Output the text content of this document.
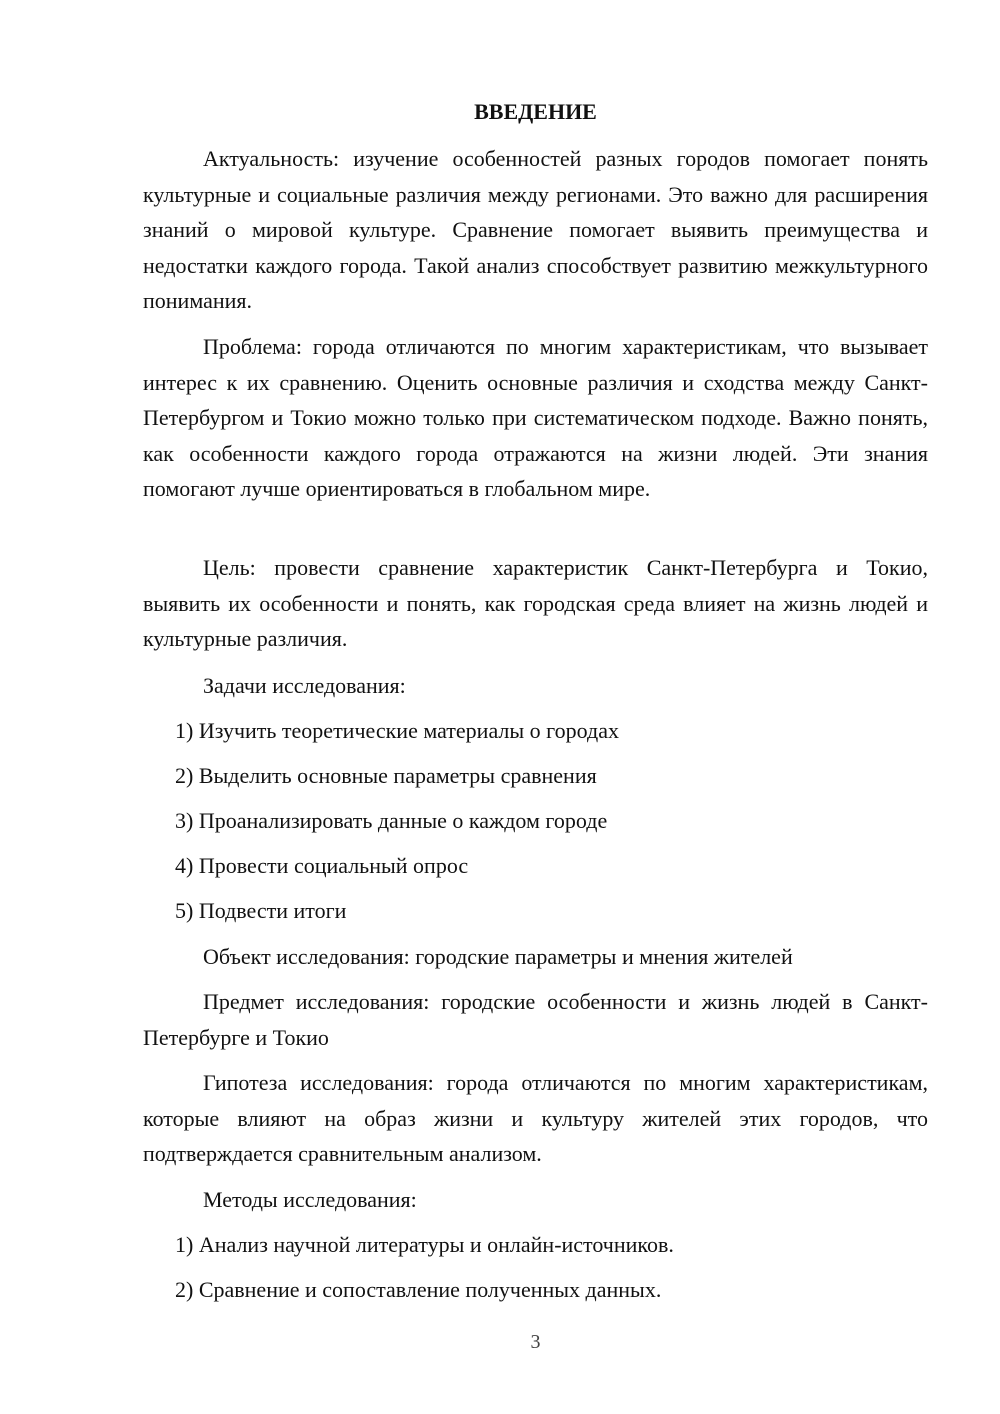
ВВЕДЕНИЕ

Актуальность: изучение особенностей разных городов помогает понять культурные и социальные различия между регионами. Это важно для расширения знаний о мировой культуре. Сравнение помогает выявить преимущества и недостатки каждого города. Такой анализ способствует развитию межкультурного понимания.

Проблема: города отличаются по многим характеристикам, что вызывает интерес к их сравнению. Оценить основные различия и сходства между Санкт-Петербургом и Токио можно только при систематическом подходе. Важно понять, как особенности каждого города отражаются на жизни людей. Эти знания помогают лучше ориентироваться в глобальном мире.

Цель: провести сравнение характеристик Санкт-Петербурга и Токио, выявить их особенности и понять, как городская среда влияет на жизнь людей и культурные различия.

Задачи исследования:
1) Изучить теоретические материалы о городах
2) Выделить основные параметры сравнения
3) Проанализировать данные о каждом городе
4) Провести социальный опрос
5) Подвести итоги
Объект исследования: городские параметры и мнения жителей

Предмет исследования: городские особенности и жизнь людей в Санкт-Петербурге и Токио

Гипотеза исследования: города отличаются по многим характеристикам, которые влияют на образ жизни и культуру жителей этих городов, что подтверждается сравнительным анализом.

Методы исследования:
1) Анализ научной литературы и онлайн-источников.
2) Сравнение и сопоставление полученных данных.
3
